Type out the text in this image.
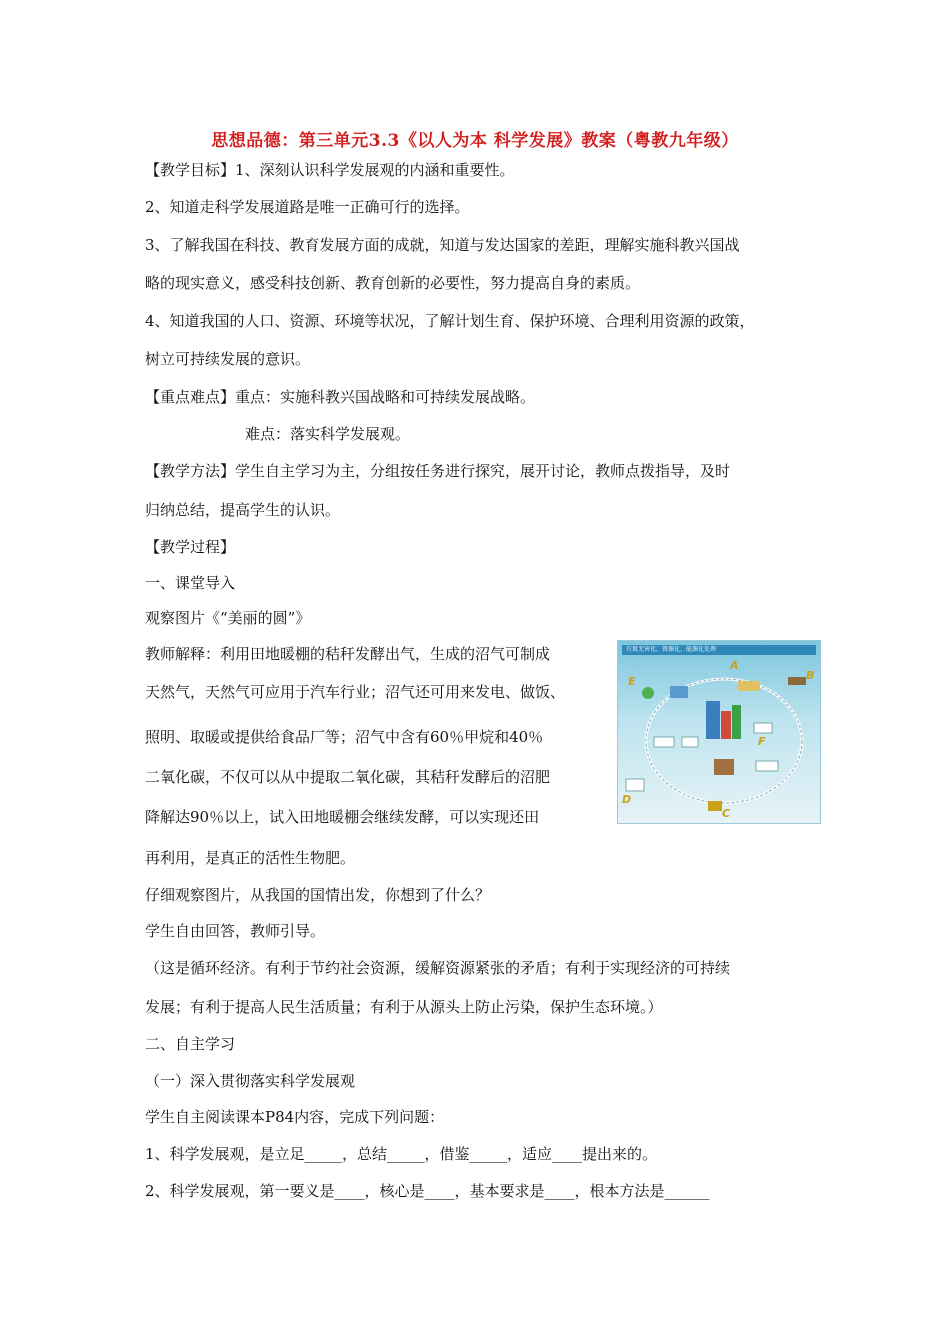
思想品德：第三单元3.3《以人为本 科学发展》教案（粤教九年级）
【教学目标】1、深刻认识科学发展观的内涵和重要性。
2、知道走科学发展道路是唯一正确可行的选择。
3、了解我国在科技、教育发展方面的成就，知道与发达国家的差距，理解实施科教兴国战
略的现实意义，感受科技创新、教育创新的必要性，努力提高自身的素质。
4、知道我国的人口、资源、环境等状况，了解计划生育、保护环境、合理利用资源的政策，
树立可持续发展的意识。
【重点难点】重点：实施科教兴国战略和可持续发展战略。
难点：落实科学发展观。
【教学方法】学生自主学习为主，分组按任务进行探究，展开讨论，教师点拨指导，及时
归纳总结，提高学生的认识。
【教学过程】
一、课堂导入
观察图片《“美丽的圆”》
教师解释：利用田地暖棚的秸秆发酵出气，生成的沼气可制成
天然气，天然气可应用于汽车行业；沼气还可用来发电、做饭、
照明、取暖或提供给食品厂等；沼气中含有60％甲烷和40％
二氧化碳，不仅可以从中提取二氧化碳，其秸秆发酵后的沼肥
降解达90％以上，试入田地暖棚会继续发酵，可以实现还田
再利用，是真正的活性生物肥。
仔细观察图片，从我国的国情出发，你想到了什么？
学生自由回答，教师引导。
（这是循环经济。有利于节约社会资源，缓解资源紧张的矛盾；有利于实现经济的可持续
发展；有利于提高人民生活质量；有利于从源头上防止污染，保护生态环境。）
二、自主学习
（一）深入贯彻落实科学发展观
学生自主阅读课本P84内容，完成下列问题：
1、科学发展观，是立足_____，总结_____，借鉴_____，适应____提出来的。
2、科学发展观，第一要义是____，核心是____，基本要求是____，根本方法是______
垃圾无害化、资源化、能源化处理
A
B
C
D
E
F
